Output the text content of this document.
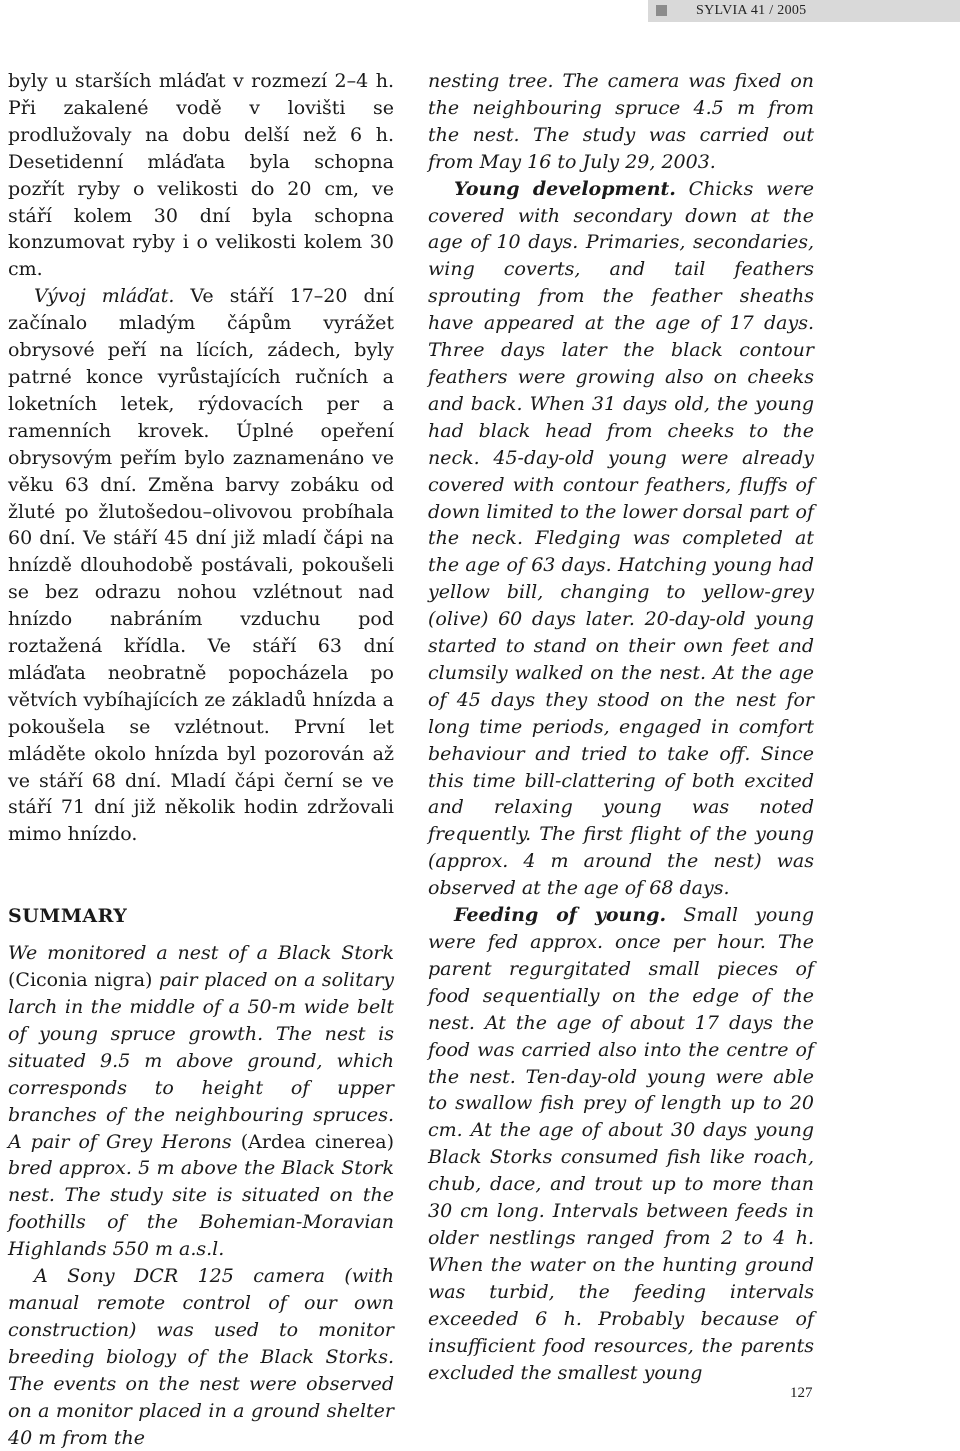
SYLVIA 41 / 2005

byly u starších mláďat v rozmezí 2–4 h. Při zakalené vodě v lovišti se prodlužovaly na dobu delší než 6 h. Desetidenní mláďata byla schopna pozřít ryby o velikosti do 20 cm, ve stáří kolem 30 dní byla schopna konzumovat ryby i o velikosti kolem 30 cm.

Vývoj mláďat. Ve stáří 17–20 dní začínalo mladým čápům vyrážet obrysové peří na lících, zádech, byly patrné konce vyrůstajících ručních a loketních letek, rýdovacích per a ramenních krovek. Úplné opeření obrysovým peřím bylo zaznamenáno ve věku 63 dní. Změna barvy zobáku od žluté po žlutošedou–olivovou probíhala 60 dní. Ve stáří 45 dní již mladí čápi na hnízdě dlouhodobě postávali, pokoušeli se bez odrazu nohou vzlétnout nad hnízdo nabráním vzduchu pod roztažená křídla. Ve stáří 63 dní mláďata neobratně popocházela po větvích vybíhajících ze základů hnízda a pokoušela se vzlétnout. První let mláděte okolo hnízda byl pozorován až ve stáří 68 dní. Mladí čápi černí se ve stáří 71 dní již několik hodin zdržovali mimo hnízdo.

SUMMARY

We monitored a nest of a Black Stork (Ciconia nigra) pair placed on a solitary larch in the middle of a 50-m wide belt of young spruce growth. The nest is situated 9.5 m above ground, which corresponds to height of upper branches of the neighbouring spruces. A pair of Grey Herons (Ardea cinerea) bred approx. 5 m above the Black Stork nest. The study site is situated on the foothills of the Bohemian-Moravian Highlands 550 m a.s.l.

A Sony DCR 125 camera (with manual remote control of our own construction) was used to monitor breeding biology of the Black Storks. The events on the nest were observed on a monitor placed in a ground shelter 40 m from the

nesting tree. The camera was fixed on the neighbouring spruce 4.5 m from the nest. The study was carried out from May 16 to July 29, 2003.

Young development. Chicks were covered with secondary down at the age of 10 days. Primaries, secondaries, wing coverts, and tail feathers sprouting from the feather sheaths have appeared at the age of 17 days. Three days later the black contour feathers were growing also on cheeks and back. When 31 days old, the young had black head from cheeks to the neck. 45-day-old young were already covered with contour feathers, fluffs of down limited to the lower dorsal part of the neck. Fledging was completed at the age of 63 days. Hatching young had yellow bill, changing to yellow-grey (olive) 60 days later. 20-day-old young started to stand on their own feet and clumsily walked on the nest. At the age of 45 days they stood on the nest for long time periods, engaged in comfort behaviour and tried to take off. Since this time bill-clattering of both excited and relaxing young was noted frequently. The first flight of the young (approx. 4 m around the nest) was observed at the age of 68 days.

Feeding of young. Small young were fed approx. once per hour. The parent regurgitated small pieces of food sequentially on the edge of the nest. At the age of about 17 days the food was carried also into the centre of the nest. Ten-day-old young were able to swallow fish prey of length up to 20 cm. At the age of about 30 days young Black Storks consumed fish like roach, chub, dace, and trout up to more than 30 cm long. Intervals between feeds in older nestlings ranged from 2 to 4 h. When the water on the hunting ground was turbid, the feeding intervals exceeded 6 h. Probably because of insufficient food resources, the parents excluded the smallest young

127
